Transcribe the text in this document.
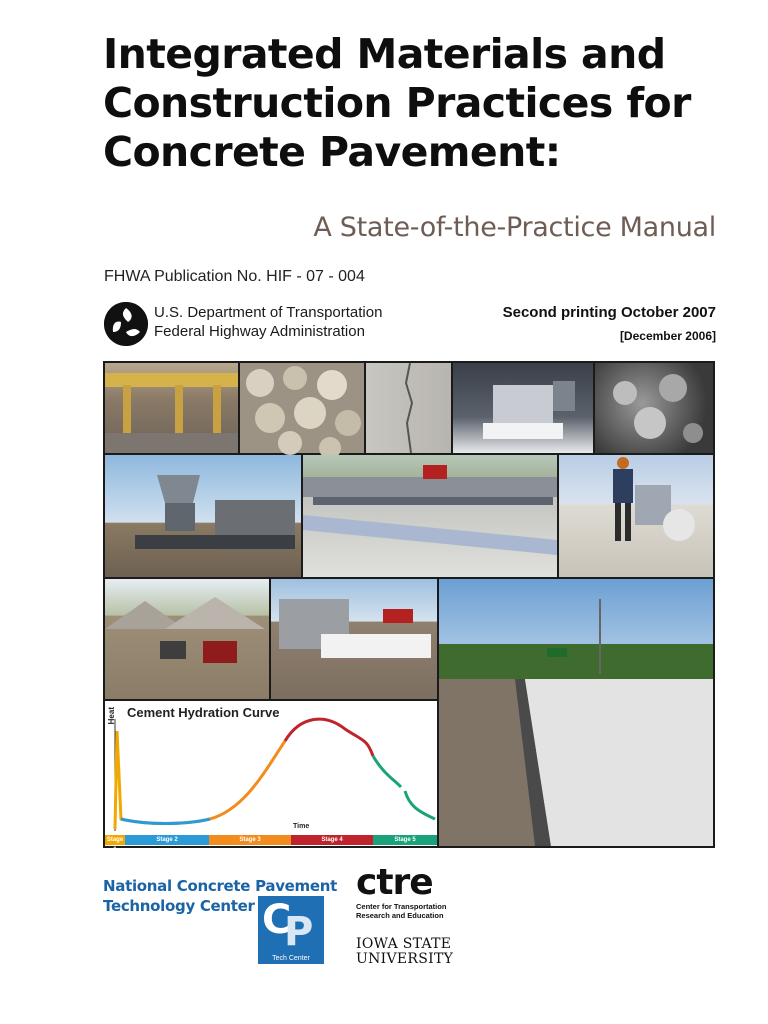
Integrated Materials and
Construction Practices for
Concrete Pavement:
A State-of-the-Practice Manual
FHWA Publication No. HIF - 07 - 004
U.S. Department of Transportation
Federal Highway Administration
Second printing October 2007
[December 2006]
Cement Hydration Curve
Heat
Time
Stage 1
Stage 2	Stage 3	Stage 4	Stage 5
National Concrete Pavement
Technology Center C
P
Tech Center
ctre
Center for Transportation
Research and Education
IOWA STATE
UNIVERSITY
